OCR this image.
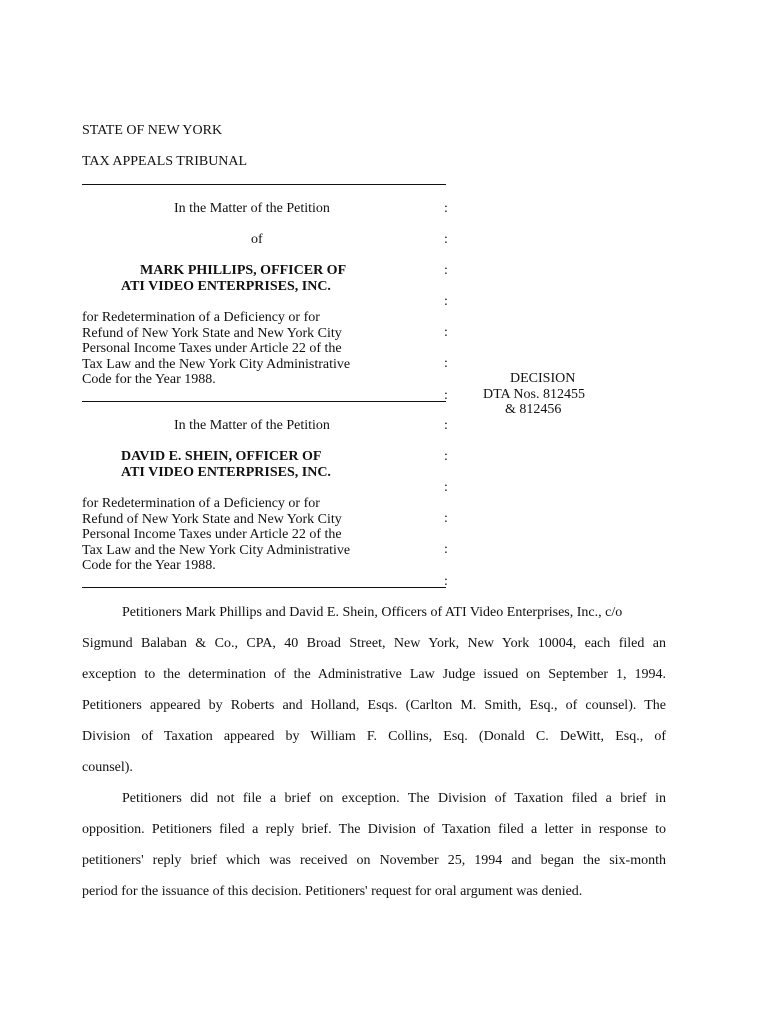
STATE OF NEW YORK
TAX APPEALS TRIBUNAL
In the Matter of the Petition
of
MARK PHILLIPS, OFFICER OF
ATI VIDEO ENTERPRISES, INC.
for Redetermination of a Deficiency or for
Refund of New York State and New York City
Personal Income Taxes under Article 22 of the
Tax Law and the New York City Administrative
Code for the Year 1988.
In the Matter of the Petition
DAVID E. SHEIN, OFFICER OF
ATI VIDEO ENTERPRISES, INC.
for Redetermination of a Deficiency or for
Refund of New York State and New York City
Personal Income Taxes under Article 22 of the
Tax Law and the New York City Administrative
Code for the Year 1988.
:
:
:
:
:
:
:
:
:
:
:
:
:
DECISION
DTA Nos. 812455
& 812456
Petitioners Mark Phillips and David E. Shein, Officers of ATI Video Enterprises, Inc., c/o
Sigmund Balaban & Co., CPA, 40 Broad Street, New York, New York 10004, each filed an
exception to the determination of the Administrative Law Judge issued on September 1, 1994.
Petitioners appeared by Roberts and Holland, Esqs. (Carlton M. Smith, Esq., of counsel). The
Division of Taxation appeared by William F. Collins, Esq. (Donald C. DeWitt, Esq., of
counsel).
Petitioners did not file a brief on exception. The Division of Taxation filed a brief in
opposition. Petitioners filed a reply brief. The Division of Taxation filed a letter in response to
petitioners' reply brief which was received on November 25, 1994 and began the six-month
period for the issuance of this decision. Petitioners' request for oral argument was denied.
